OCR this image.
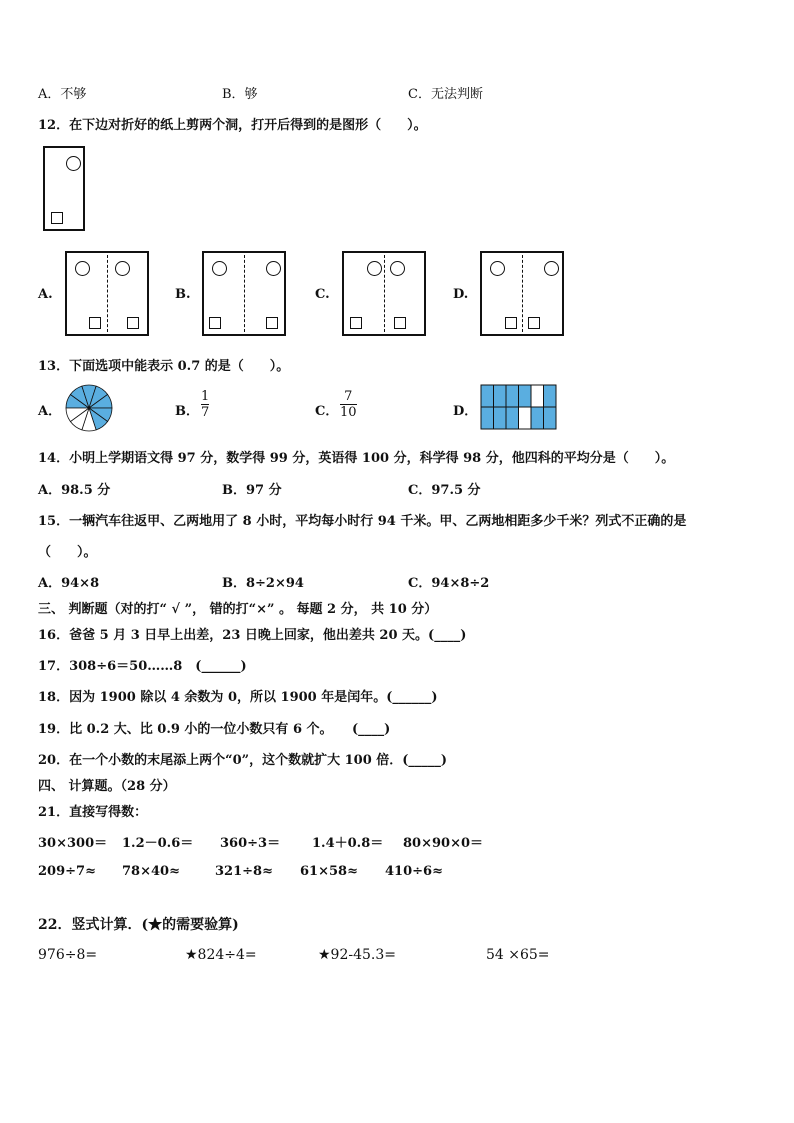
A．不够	B．够	C．无法判断
12．在下边对折好的纸上剪两个洞，打开后得到的是图形（　　）。
A.	B.	C.	D.
13．下面选项中能表示 0.7 的是（　　）。
A．	B．
1
7	C．
7
10	D．
14．小明上学期语文得 97 分，数学得 99 分，英语得 100 分，科学得 98 分，他四科的平均分是（　　）。
A．98.5 分	B．97 分	C．97.5 分
15．一辆汽车往返甲、乙两地用了 8 小时，平均每小时行 94 千米。甲、乙两地相距多少千米？列式不正确的是
（　　）。
A．94×8	B．8÷2×94	C．94×8÷2
三、 判断题（对的打“ √ ”， 错的打“×” 。 每题 2 分， 共 10 分）
16．爸爸 5 月 3 日早上出差，23 日晚上回家，他出差共 20 天。(____)
17．308÷6＝50……8　(______)
18．因为 1900 除以 4 余数为 0，所以 1900 年是闰年。(______)
19．比 0.2 大、比 0.9 小的一位小数只有 6 个。　　(____)
20．在一个小数的末尾添上两个“0”，这个数就扩大 100 倍．(_____)
四、 计算题。（28 分）
21．直接写得数：
30×300＝ 1.2－0.6＝ 360÷3＝ 1.4＋0.8＝ 80×90×0＝
209÷7≈ 78×40≈	321÷8≈ 61×58≈ 410÷6≈
22．竖式计算．(★的需要验算)
976÷8=	★824÷4=	★92-45.3=	54 ×65=
